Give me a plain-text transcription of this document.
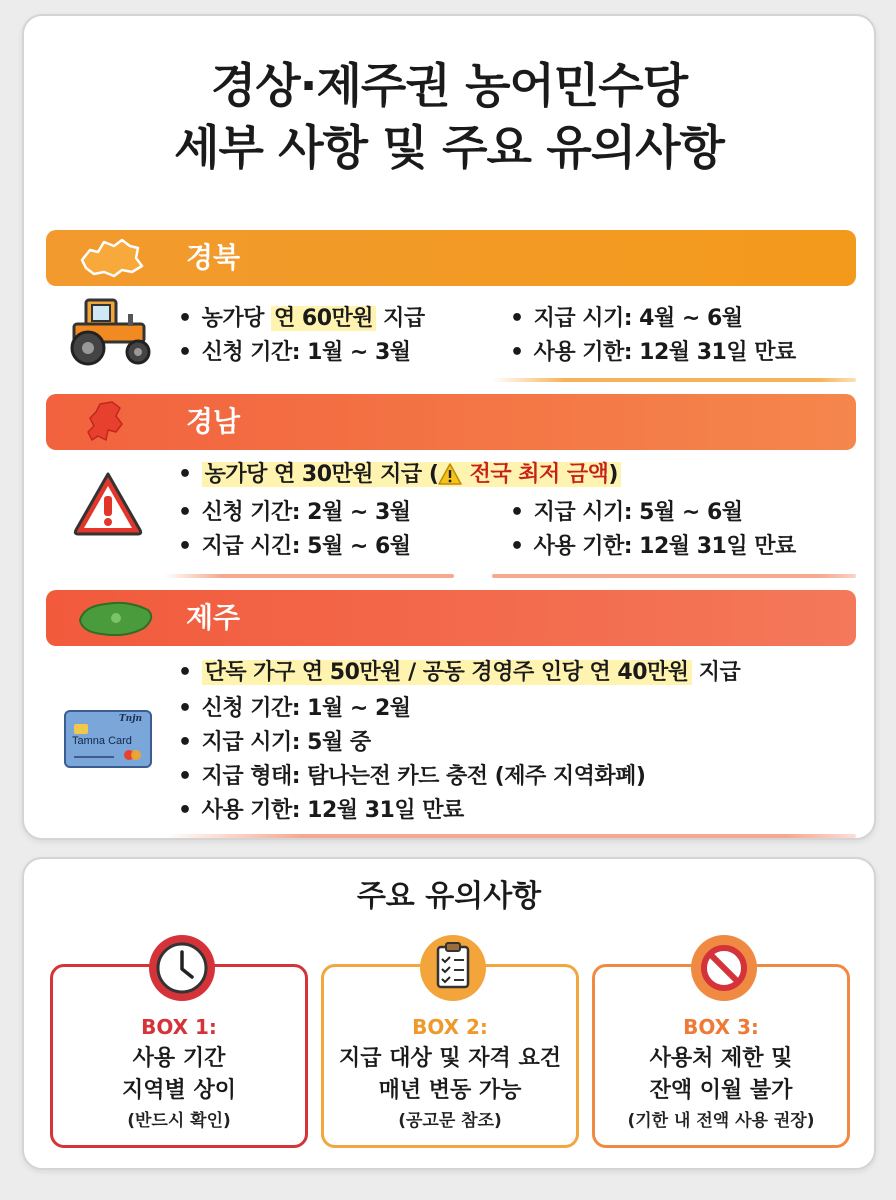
경상·제주권 농어민수당
세부 사항 및 주요 유의사항
경북
• 농가당 연 60만원 지급
• 신청 기간: 1월 ~ 3월
• 지급 시기: 4월 ~ 6월
• 사용 기한: 12월 31일 만료
경남
• 농가당 연 30만원 지급 ( 전국 최저 금액)
• 신청 기간: 2월 ~ 3월
• 지급 시긴: 5월 ~ 6월
• 지급 시기: 5월 ~ 6월
• 사용 기한: 12월 31일 만료
제주
Tnjn
Tamna Card
• 단독 가구 연 50만원 / 공동 경영주 인당 연 40만원 지급
• 신청 기간: 1월 ~ 2월
• 지급 시기: 5월 중
• 지급 형태: 탐나는전 카드 충전 (제주 지역화폐)
• 사용 기한: 12월 31일 만료
주요 유의사항
BOX 1:
사용 기간
지역별 상이
(반드시 확인)
BOX 2:
지급 대상 및 자격 요건
매년 변동 가능
(공고문 참조)
BOX 3:
사용처 제한 및
잔액 이월 불가
(기한 내 전액 사용 권장)
